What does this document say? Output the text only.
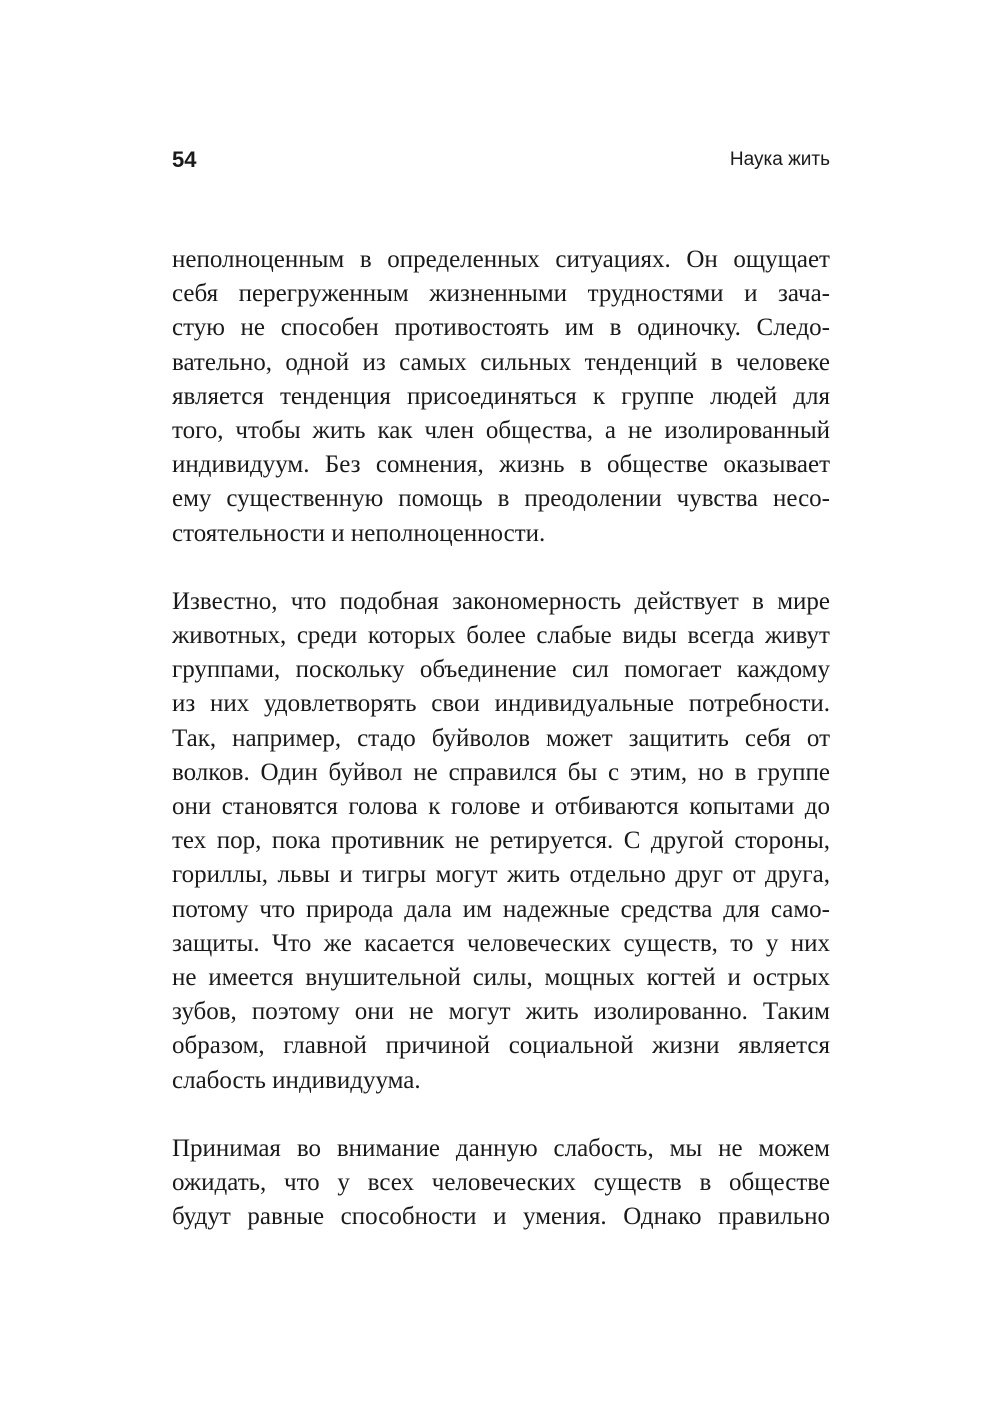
54	Наука жить

неполноценным в определенных ситуациях. Он ощущает
себя перегруженным жизненными трудностями и зача-
стую не способен противостоять им в одиночку. Следо-
вательно, одной из самых сильных тенденций в человеке
является тенденция присоединяться к группе людей для
того, чтобы жить как член общества, а не изолированный
индивидуум. Без сомнения, жизнь в обществе оказывает
ему существенную помощь в преодолении чувства несо-
стоятельности и неполноценности.

Известно, что подобная закономерность действует в мире
животных, среди которых более слабые виды всегда живут
группами, поскольку объединение сил помогает каждому
из них удовлетворять свои индивидуальные потребности.
Так, например, стадо буйволов может защитить себя от
волков. Один буйвол не справился бы с этим, но в группе
они становятся голова к голове и отбиваются копытами до
тех пор, пока противник не ретируется. С другой стороны,
гориллы, львы и тигры могут жить отдельно друг от друга,
потому что природа дала им надежные средства для само-
защиты. Что же касается человеческих существ, то у них
не имеется внушительной силы, мощных когтей и острых
зубов, поэтому они не могут жить изолированно. Таким
образом, главной причиной социальной жизни является
слабость индивидуума.

Принимая во внимание данную слабость, мы не можем
ожидать, что у всех человеческих существ в обществе
будут равные способности и умения. Однако правильно
